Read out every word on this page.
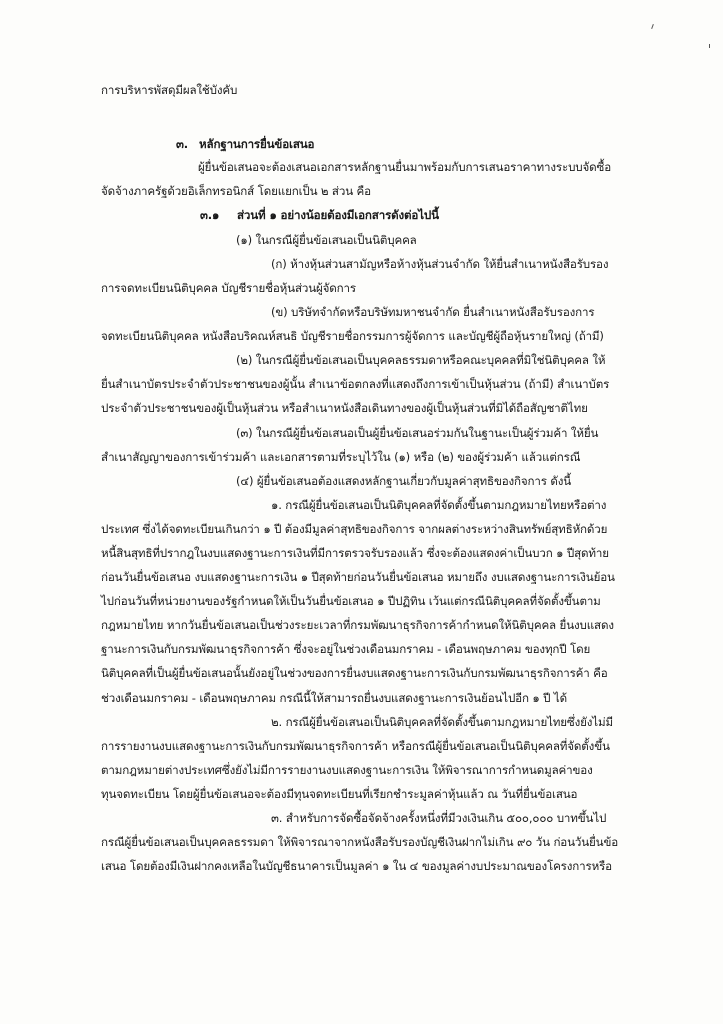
การบริหารพัสดุมีผลใช้บังคับ
๓. หลักฐานการยื่นข้อเสนอ
ผู้ยื่นข้อเสนอจะต้องเสนอเอกสารหลักฐานยื่นมาพร้อมกับการเสนอราคาทางระบบจัดซื้อ
จัดจ้างภาครัฐด้วยอิเล็กทรอนิกส์ โดยแยกเป็น ๒ ส่วน คือ
๓.๑ ส่วนที่ ๑ อย่างน้อยต้องมีเอกสารดังต่อไปนี้
(๑) ในกรณีผู้ยื่นข้อเสนอเป็นนิติบุคคล
(ก) ห้างหุ้นส่วนสามัญหรือห้างหุ้นส่วนจำกัด ให้ยื่นสำเนาหนังสือรับรอง
การจดทะเบียนนิติบุคคล บัญชีรายชื่อหุ้นส่วนผู้จัดการ
(ข) บริษัทจำกัดหรือบริษัทมหาชนจำกัด ยื่นสำเนาหนังสือรับรองการ
จดทะเบียนนิติบุคคล หนังสือบริคณห์สนธิ บัญชีรายชื่อกรรมการผู้จัดการ และบัญชีผู้ถือหุ้นรายใหญ่ (ถ้ามี)
(๒) ในกรณีผู้ยื่นข้อเสนอเป็นบุคคลธรรมดาหรือคณะบุคคลที่มิใช่นิติบุคคล ให้
ยื่นสำเนาบัตรประจำตัวประชาชนของผู้นั้น สำเนาข้อตกลงที่แสดงถึงการเข้าเป็นหุ้นส่วน (ถ้ามี) สำเนาบัตร
ประจำตัวประชาชนของผู้เป็นหุ้นส่วน หรือสำเนาหนังสือเดินทางของผู้เป็นหุ้นส่วนที่มิได้ถือสัญชาติไทย
(๓) ในกรณีผู้ยื่นข้อเสนอเป็นผู้ยื่นข้อเสนอร่วมกันในฐานะเป็นผู้ร่วมค้า ให้ยื่น
สำเนาสัญญาของการเข้าร่วมค้า และเอกสารตามที่ระบุไว้ใน (๑) หรือ (๒) ของผู้ร่วมค้า แล้วแต่กรณี
(๔) ผู้ยื่นข้อเสนอต้องแสดงหลักฐานเกี่ยวกับมูลค่าสุทธิของกิจการ ดังนี้
๑. กรณีผู้ยื่นข้อเสนอเป็นนิติบุคคลที่จัดตั้งขึ้นตามกฎหมายไทยหรือต่าง
ประเทศ ซึ่งได้จดทะเบียนเกินกว่า ๑ ปี ต้องมีมูลค่าสุทธิของกิจการ จากผลต่างระหว่างสินทรัพย์สุทธิหักด้วย
หนี้สินสุทธิที่ปรากฎในงบแสดงฐานะการเงินที่มีการตรวจรับรองแล้ว ซึ่งจะต้องแสดงค่าเป็นบวก ๑ ปีสุดท้าย
ก่อนวันยื่นข้อเสนอ งบแสดงฐานะการเงิน ๑ ปีสุดท้ายก่อนวันยื่นข้อเสนอ หมายถึง งบแสดงฐานะการเงินย้อน
ไปก่อนวันที่หน่วยงานของรัฐกำหนดให้เป็นวันยื่นข้อเสนอ ๑ ปีปฏิทิน เว้นแต่กรณีนิติบุคคลที่จัดตั้งขึ้นตาม
กฎหมายไทย หากวันยื่นข้อเสนอเป็นช่วงระยะเวลาที่กรมพัฒนาธุรกิจการค้ากำหนดให้นิติบุคคล ยื่นงบแสดง
ฐานะการเงินกับกรมพัฒนาธุรกิจการค้า ซึ่งจะอยู่ในช่วงเดือนมกราคม - เดือนพฤษภาคม ของทุกปี โดย
นิติบุคคลที่เป็นผู้ยื่นข้อเสนอนั้นยังอยู่ในช่วงของการยื่นงบแสดงฐานะการเงินกับกรมพัฒนาธุรกิจการค้า คือ
ช่วงเดือนมกราคม - เดือนพฤษภาคม กรณีนี้ให้สามารถยื่นงบแสดงฐานะการเงินย้อนไปอีก ๑ ปี ได้
๒. กรณีผู้ยื่นข้อเสนอเป็นนิติบุคคลที่จัดตั้งขึ้นตามกฎหมายไทยซึ่งยังไม่มี
การรายงานงบแสดงฐานะการเงินกับกรมพัฒนาธุรกิจการค้า หรือกรณีผู้ยื่นข้อเสนอเป็นนิติบุคคลที่จัดตั้งขึ้น
ตามกฎหมายต่างประเทศซึ่งยังไม่มีการรายงานงบแสดงฐานะการเงิน ให้พิจารณาการกำหนดมูลค่าของ
ทุนจดทะเบียน โดยผู้ยื่นข้อเสนอจะต้องมีทุนจดทะเบียนที่เรียกชำระมูลค่าหุ้นแล้ว ณ วันที่ยื่นข้อเสนอ
๓. สำหรับการจัดซื้อจัดจ้างครั้งหนึ่งที่มีวงเงินเกิน ๕๐๐,๐๐๐ บาทขึ้นไป
กรณีผู้ยื่นข้อเสนอเป็นบุคคลธรรมดา ให้พิจารณาจากหนังสือรับรองบัญชีเงินฝากไม่เกิน ๙๐ วัน ก่อนวันยื่นข้อ
เสนอ โดยต้องมีเงินฝากคงเหลือในบัญชีธนาคารเป็นมูลค่า ๑ ใน ๔ ของมูลค่างบประมาณของโครงการหรือ
